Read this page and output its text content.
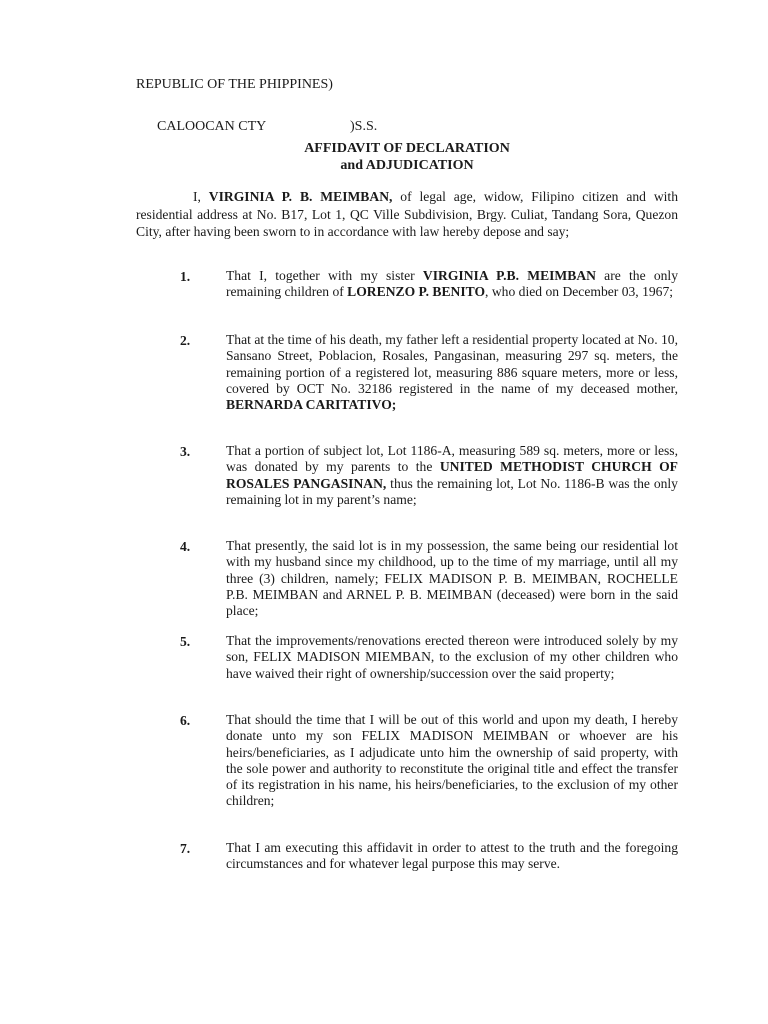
REPUBLIC OF THE PHIPPINES)

CALOOCAN CTY	)S.S.

AFFIDAVIT OF DECLARATION
and ADJUDICATION

I, VIRGINIA P. B. MEIMBAN, of legal age, widow, Filipino citizen and with residential address at No. B17, Lot 1, QC Ville Subdivision, Brgy. Culiat, Tandang Sora, Quezon City, after having been sworn to in accordance with law hereby depose and say;

1.	That I, together with my sister VIRGINIA P.B. MEIMBAN are the only remaining children of LORENZO P. BENITO, who died on December 03, 1967;
2.	That at the time of his death, my father left a residential property located at No. 10, Sansano Street, Poblacion, Rosales, Pangasinan, measuring 297 sq. meters, the remaining portion of a registered lot, measuring 886 square meters, more or less, covered by OCT No. 32186 registered in the name of my deceased mother, BERNARDA CARITATIVO;
3.	That a portion of subject lot, Lot 1186-A, measuring 589 sq. meters, more or less, was donated by my parents to the UNITED METHODIST CHURCH OF ROSALES PANGASINAN, thus the remaining lot, Lot No. 1186-B was the only remaining lot in my parent’s name;
4.	That presently, the said lot is in my possession, the same being our residential lot with my husband since my childhood, up to the time of my marriage, until all my three (3) children, namely; FELIX MADISON P. B. MEIMBAN, ROCHELLE P.B. MEIMBAN and ARNEL P. B. MEIMBAN (deceased) were born in the said place;
5.	That the improvements/renovations erected thereon were introduced solely by my son, FELIX MADISON MIEMBAN, to the exclusion of my other children who have waived their right of ownership/succession over the said property;
6.	That should the time that I will be out of this world and upon my death, I hereby donate unto my son FELIX MADISON MEIMBAN or whoever are his heirs/beneficiaries, as I adjudicate unto him the ownership of said property, with the sole power and authority to reconstitute the original title and effect the transfer of its registration in his name, his heirs/beneficiaries, to the exclusion of my other children;
7.	That I am executing this affidavit in order to attest to the truth and the foregoing circumstances and for whatever legal purpose this may serve.
